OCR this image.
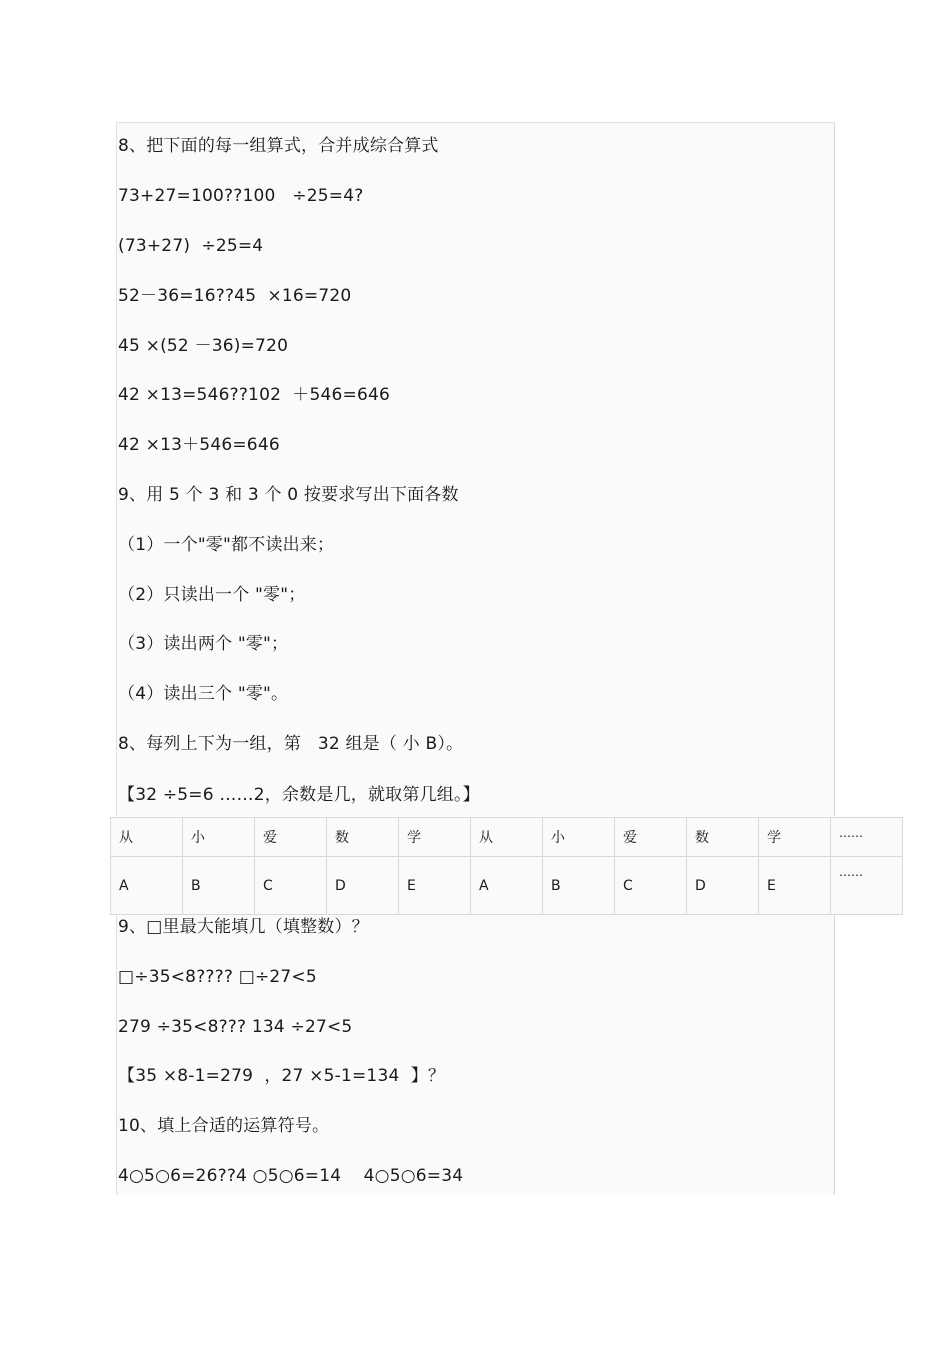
8、把下面的每一组算式，合并成综合算式
73+27=100??100   ÷25=4?
(73+27)  ÷25=4
52－36=16??45  ×16=720
45 ×(52 －36)=720
42 ×13=546??102  ＋546=646
42 ×13＋546=646
9、用 5 个 3 和 3 个 0 按要求写出下面各数
（1）一个"零"都不读出来；
（2）只读出一个 "零"；
（3）读出两个 "零"；
（4）读出三个 "零"。
8、每列上下为一组，第   32 组是（ 小 B）。
【32 ÷5=6 ……2，余数是几，就取第几组。】
从	小	爱	数	学	从	小	爱	数	学	……
A	B	C	D	E	A	B	C	D	E	……
9、□里最大能填几（填整数）？
□÷35<8???? □÷27<5
279 ÷35<8??? 134 ÷27<5
【35 ×8-1=279  ，27 ×5-1=134  】？
10、填上合适的运算符号。
4○5○6=26??4 ○5○6=14    4○5○6=34
